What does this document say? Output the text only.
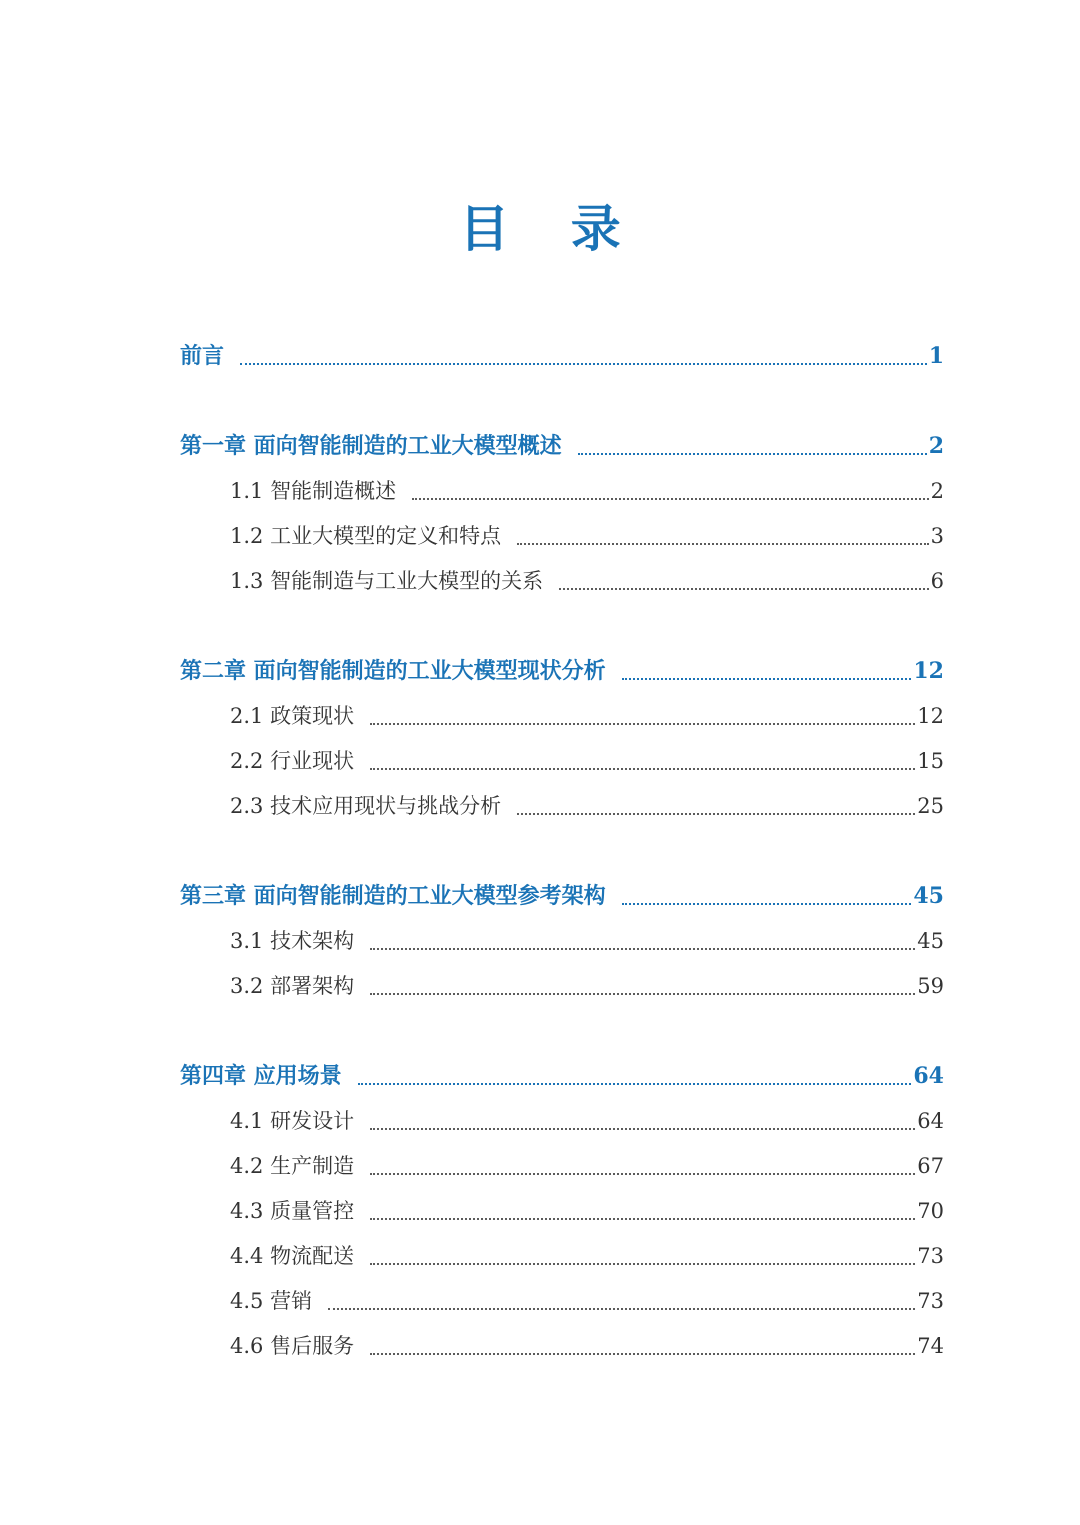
目 录
前言	1
第一章 面向智能制造的工业大模型概述	2
1.1 智能制造概述	2
1.2 工业大模型的定义和特点	3
1.3 智能制造与工业大模型的关系	6
第二章 面向智能制造的工业大模型现状分析	12
2.1 政策现状	12
2.2 行业现状	15
2.3 技术应用现状与挑战分析	25
第三章 面向智能制造的工业大模型参考架构	45
3.1 技术架构	45
3.2 部署架构	59
第四章 应用场景	64
4.1 研发设计	64
4.2 生产制造	67
4.3 质量管控	70
4.4 物流配送	73
4.5 营销	73
4.6 售后服务	74
